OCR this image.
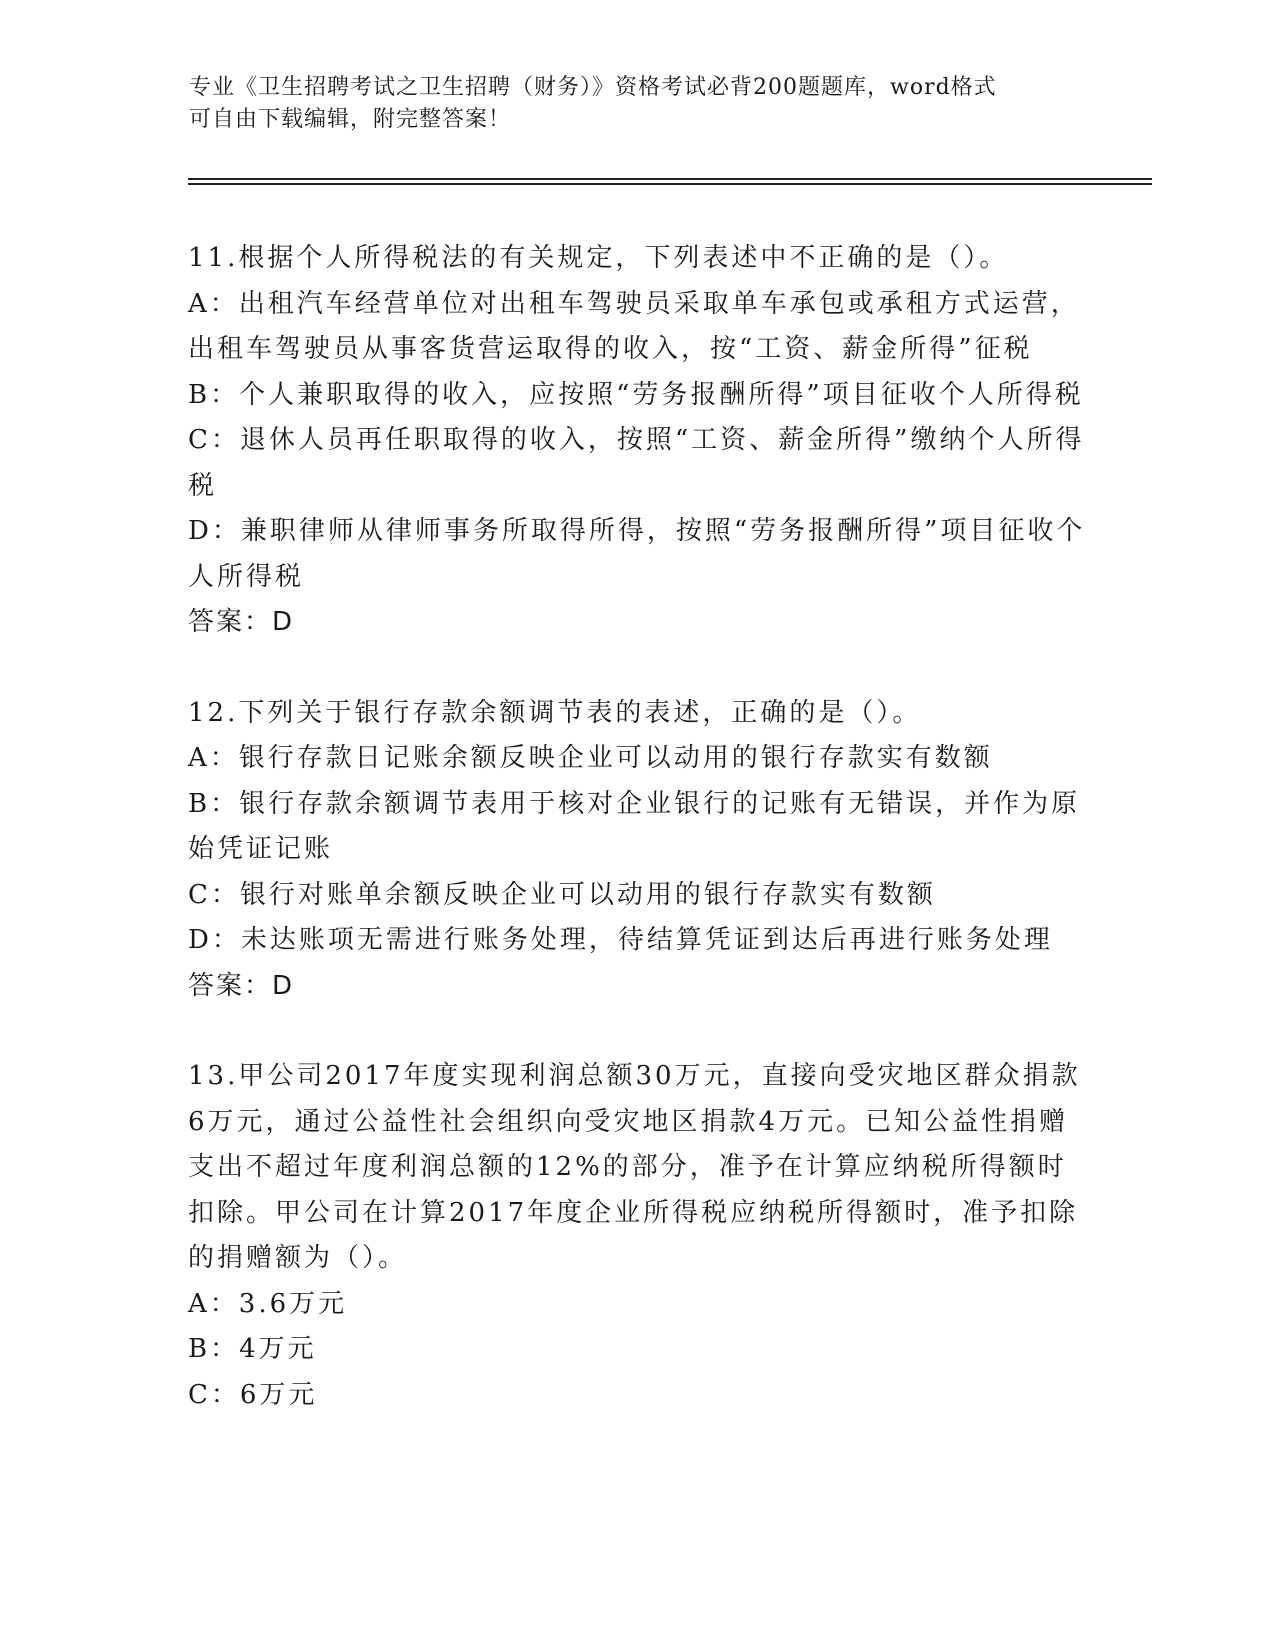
专业《卫生招聘考试之卫生招聘（财务）》资格考试必背200题题库，word格式
可自由下载编辑，附完整答案！
11.根据个人所得税法的有关规定，下列表述中不正确的是（）。
A：出租汽车经营单位对出租车驾驶员采取单车承包或承租方式运营，出租车驾驶员从事客货营运取得的收入，按“工资、薪金所得”征税
B：个人兼职取得的收入，应按照“劳务报酬所得”项目征收个人所得税
C：退休人员再任职取得的收入，按照“工资、薪金所得”缴纳个人所得税
D：兼职律师从律师事务所取得所得，按照“劳务报酬所得”项目征收个人所得税
答案：D
12.下列关于银行存款余额调节表的表述，正确的是（）。
A：银行存款日记账余额反映企业可以动用的银行存款实有数额
B：银行存款余额调节表用于核对企业银行的记账有无错误，并作为原始凭证记账
C：银行对账单余额反映企业可以动用的银行存款实有数额
D：未达账项无需进行账务处理，待结算凭证到达后再进行账务处理
答案：D
13.甲公司2017年度实现利润总额30万元，直接向受灾地区群众捐款6万元，通过公益性社会组织向受灾地区捐款4万元。已知公益性捐赠支出不超过年度利润总额的12%的部分，准予在计算应纳税所得额时扣除。甲公司在计算2017年度企业所得税应纳税所得额时，准予扣除的捐赠额为（）。
A：3.6万元
B：4万元
C：6万元
